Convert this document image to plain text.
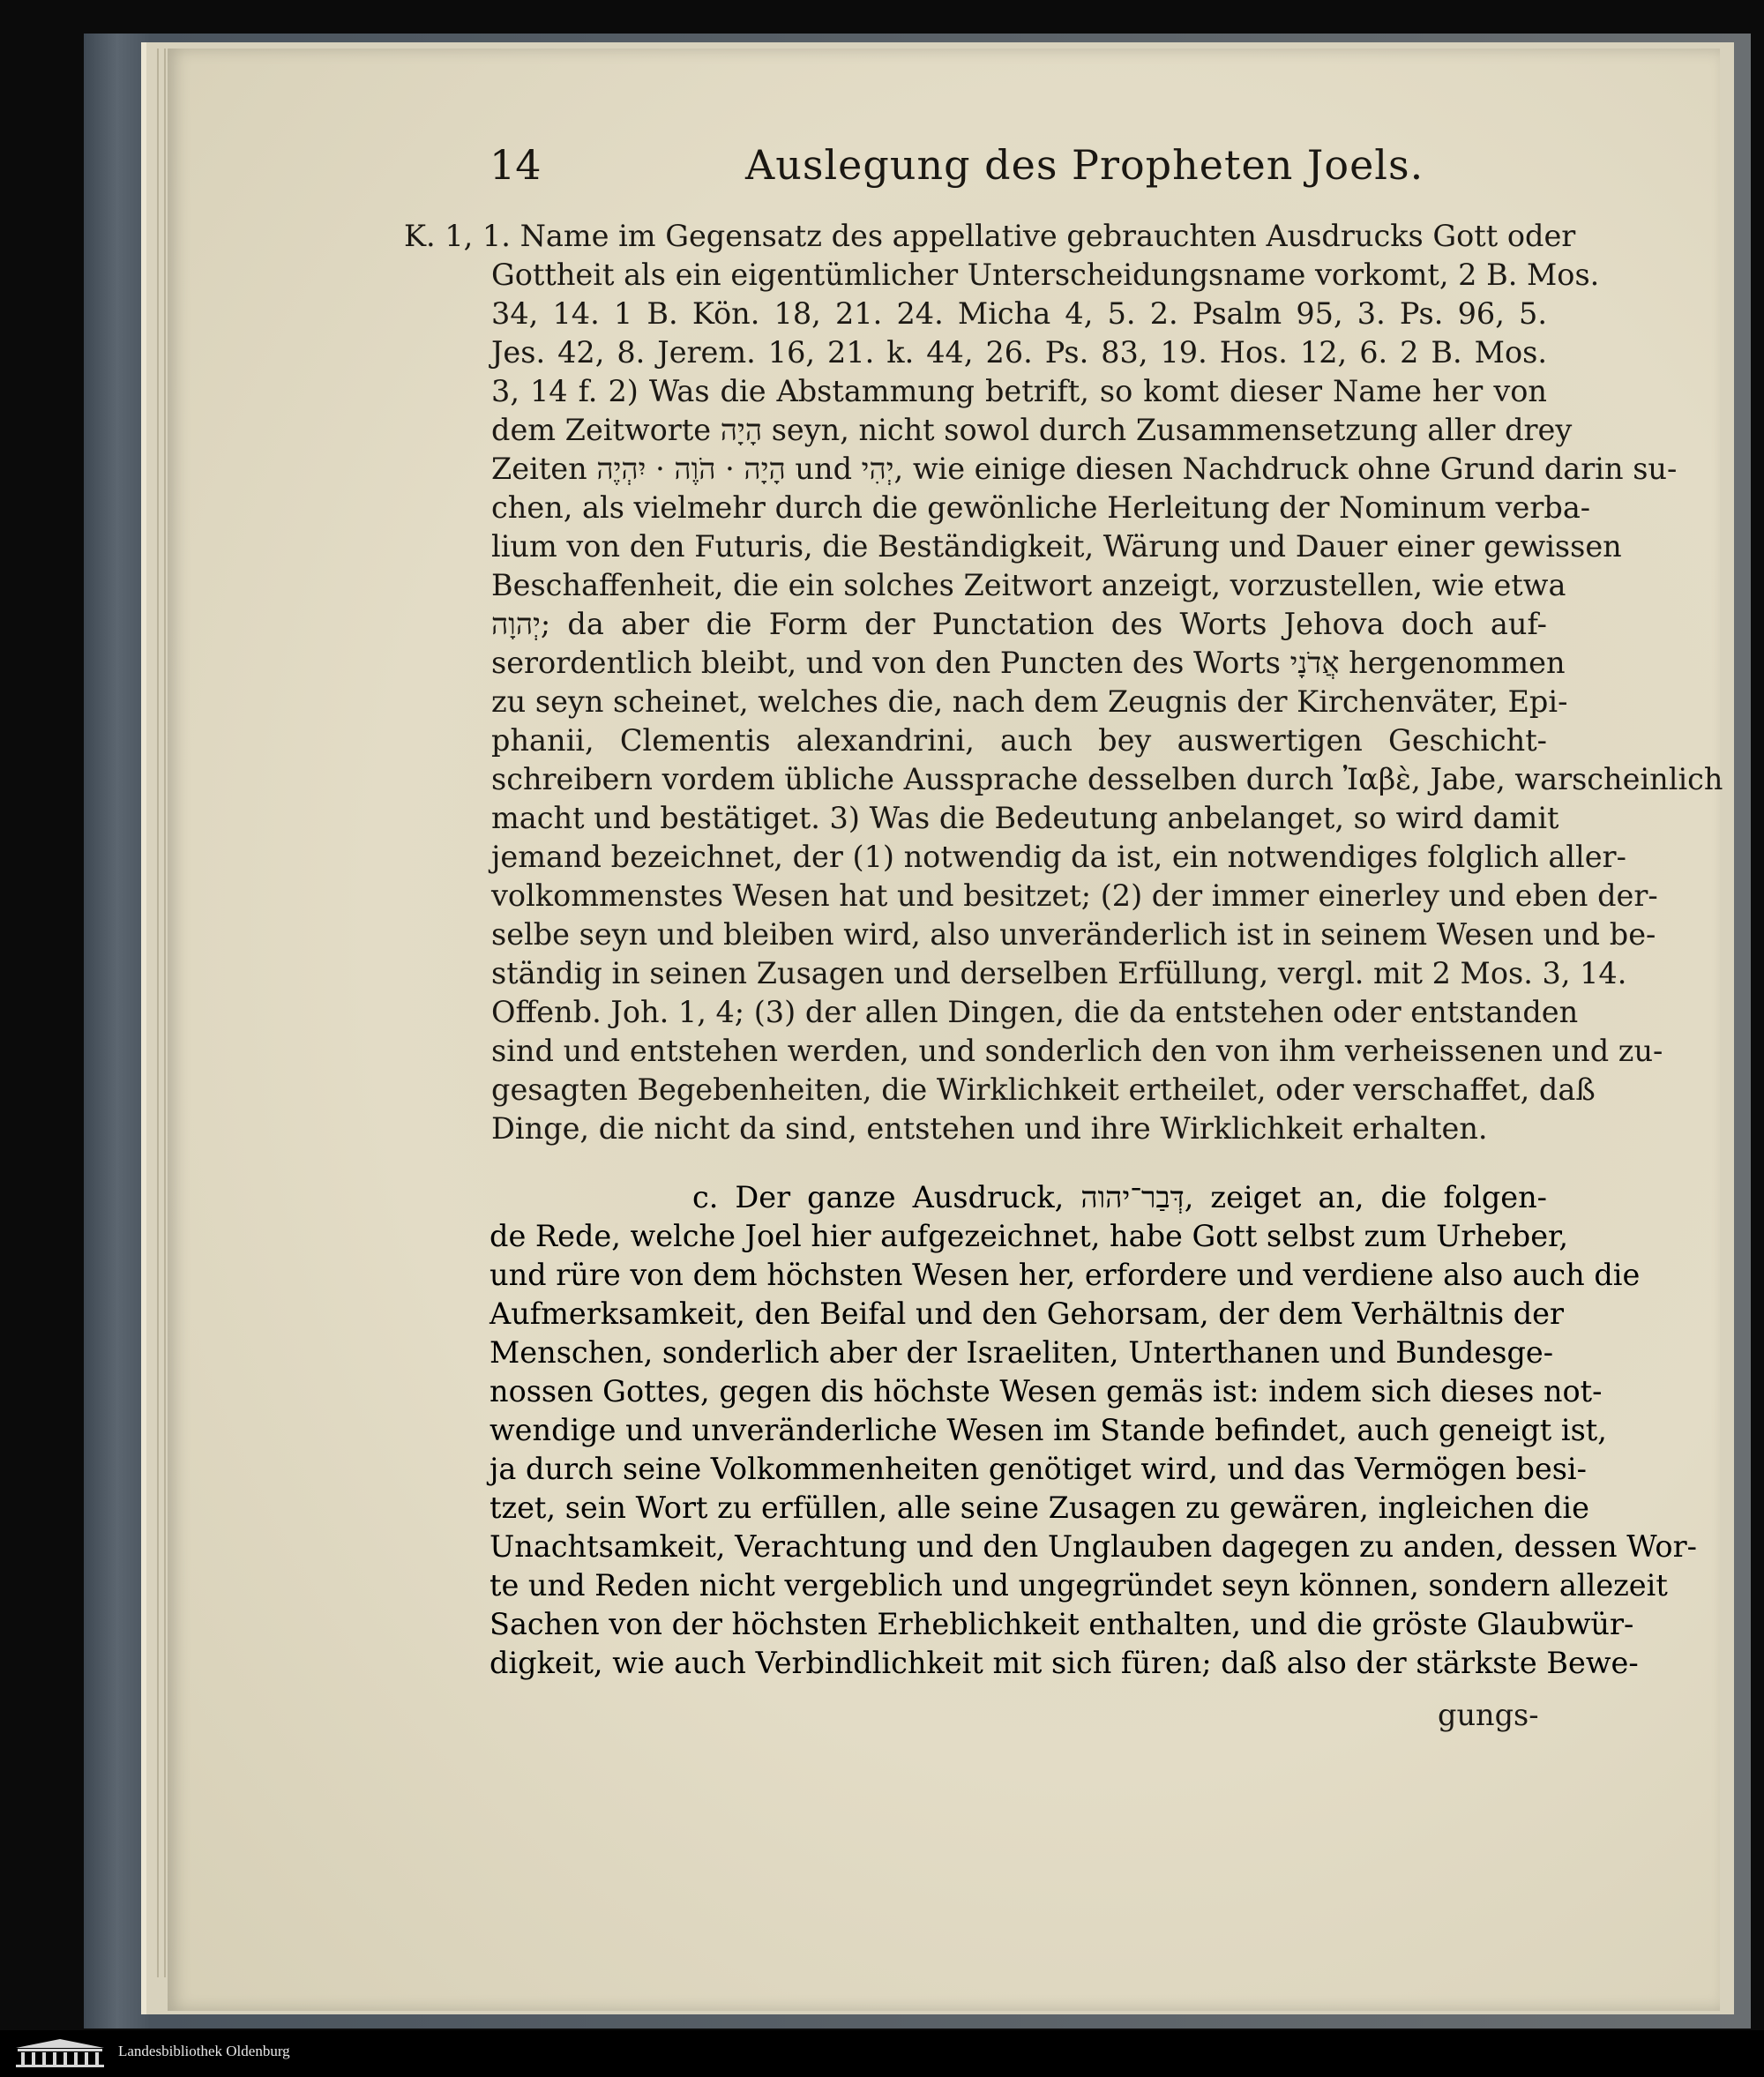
14	Auslegung des Propheten Joels.
K. 1, 1. Name im Gegensatz des appellative gebrauchten Ausdrucks Gott oder
Gottheit als ein eigentümlicher Unterscheidungsname vorkomt, 2 B. Mos.
34, 14. 1 B. Kön. 18, 21. 24. Micha 4, 5. 2. Psalm 95, 3. Ps. 96, 5.
Jes. 42, 8. Jerem. 16, 21. k. 44, 26. Ps. 83, 19. Hos. 12, 6. 2 B. Mos.
3, 14 f. 2) Was die Abstammung betrift, so komt dieser Name her von
dem Zeitworte הָיָה seyn, nicht sowol durch Zusammensetzung aller drey
Zeiten הָיָה · הֹוֶה · יִהְיֶה und יְהִי, wie einige diesen Nachdruck ohne Grund darin su-
chen, als vielmehr durch die gewönliche Herleitung der Nominum verba-
lium von den Futuris, die Beständigkeit, Wärung und Dauer einer gewissen
Beschaffenheit, die ein solches Zeitwort anzeigt, vorzustellen, wie etwa
יְהוָה; da aber die Form der Punctation des Worts Jehova doch auf-
serordentlich bleibt, und von den Puncten des Worts אֲדֹנָי hergenommen
zu seyn scheinet, welches die, nach dem Zeugnis der Kirchenväter, Epi-
phanii, Clementis alexandrini, auch bey auswertigen Geschicht-
schreibern vordem übliche Aussprache desselben durch Ἰαβὲ, Jabe, warscheinlich
macht und bestätiget. 3) Was die Bedeutung anbelanget, so wird damit
jemand bezeichnet, der (1) notwendig da ist, ein notwendiges folglich aller-
volkommenstes Wesen hat und besitzet; (2) der immer einerley und eben der-
selbe seyn und bleiben wird, also unveränderlich ist in seinem Wesen und be-
ständig in seinen Zusagen und derselben Erfüllung, vergl. mit 2 Mos. 3, 14.
Offenb. Joh. 1, 4; (3) der allen Dingen, die da entstehen oder entstanden
sind und entstehen werden, und sonderlich den von ihm verheissenen und zu-
gesagten Begebenheiten, die Wirklichkeit ertheilet, oder verschaffet, daß
Dinge, die nicht da sind, entstehen und ihre Wirklichkeit erhalten.
c. Der ganze Ausdruck, דְּבַר־יהוה, zeiget an, die folgen-
de Rede, welche Joel hier aufgezeichnet, habe Gott selbst zum Urheber,
und rüre von dem höchsten Wesen her, erfordere und verdiene also auch die
Aufmerksamkeit, den Beifal und den Gehorsam, der dem Verhältnis der
Menschen, sonderlich aber der Israeliten, Unterthanen und Bundesge-
nossen Gottes, gegen dis höchste Wesen gemäs ist: indem sich dieses not-
wendige und unveränderliche Wesen im Stande befindet, auch geneigt ist,
ja durch seine Volkommenheiten genötiget wird, und das Vermögen besi-
tzet, sein Wort zu erfüllen, alle seine Zusagen zu gewären, ingleichen die
Unachtsamkeit, Verachtung und den Unglauben dagegen zu anden, dessen Wor-
te und Reden nicht vergeblich und ungegründet seyn können, sondern allezeit
Sachen von der höchsten Erheblichkeit enthalten, und die gröste Glaubwür-
digkeit, wie auch Verbindlichkeit mit sich füren; daß also der stärkste Bewe-
gungs-
Landesbibliothek Oldenburg
